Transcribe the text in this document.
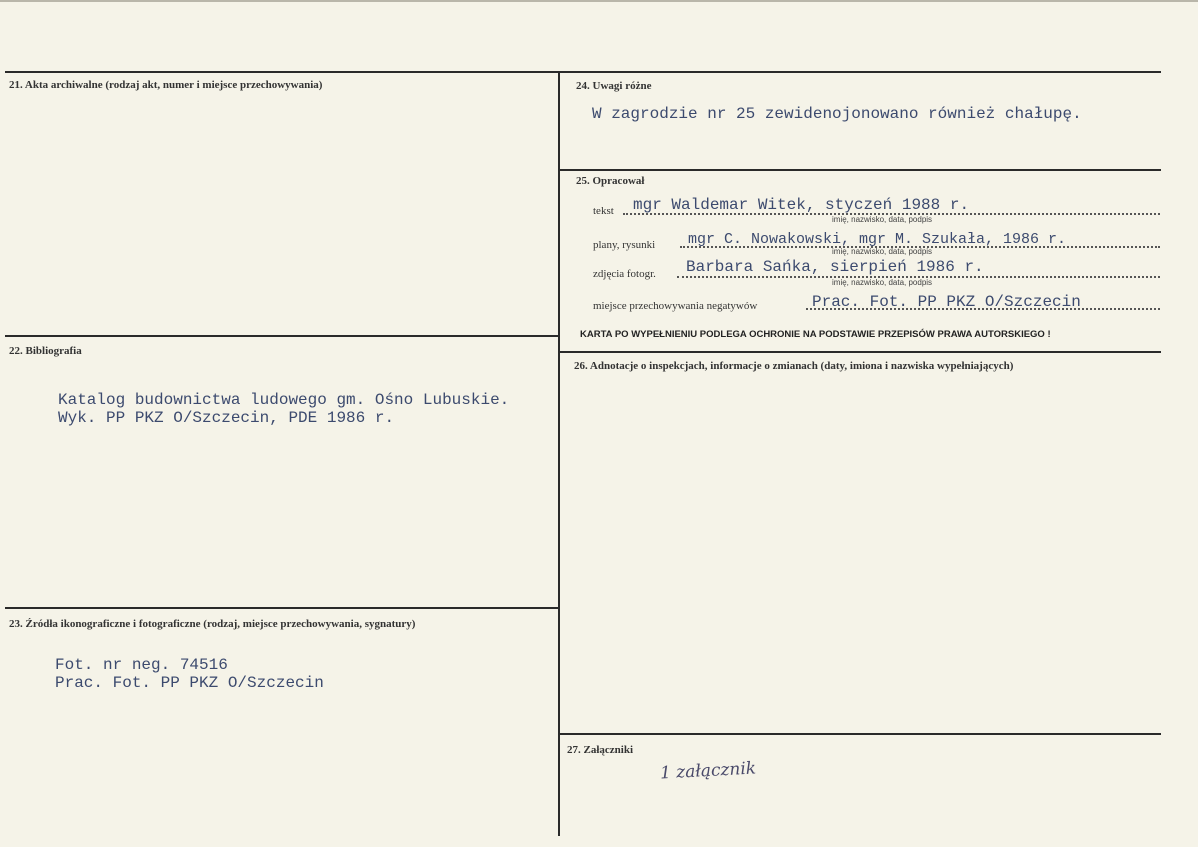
21. Akta archiwalne (rodzaj akt, numer i miejsce przechowywania)
22. Bibliografia
Katalog budownictwa ludowego gm. Ośno Lubuskie.
Wyk. PP PKZ O/Szczecin, PDE 1986 r.
23. Źródła ikonograficzne i fotograficzne (rodzaj, miejsce przechowywania, sygnatury)
Fot. nr neg. 74516
Prac. Fot. PP PKZ O/Szczecin
24. Uwagi różne
W zagrodzie nr 25 zewidenojonowano również chałupę.
25. Opracował
tekst mgr Waldemar Witek, styczeń 1988 r.
imię, nazwisko, data, podpis
plany, rysunki mgr C. Nowakowski, mgr M. Szukała, 1986 r.
imię, nazwisko, data, podpis
zdjęcia fotogr. Barbara Sańka, sierpień 1986 r.
imię, nazwisko, data, podpis
miejsce przechowywania negatywów	Prac. Fot. PP PKZ O/Szczecin
KARTA PO WYPEŁNIENIU PODLEGA OCHRONIE NA PODSTAWIE PRZEPISÓW PRAWA AUTORSKIEGO !
26. Adnotacje o inspekcjach, informacje o zmianach (daty, imiona i nazwiska wypełniających)
27. Załączniki
1 załącznik
